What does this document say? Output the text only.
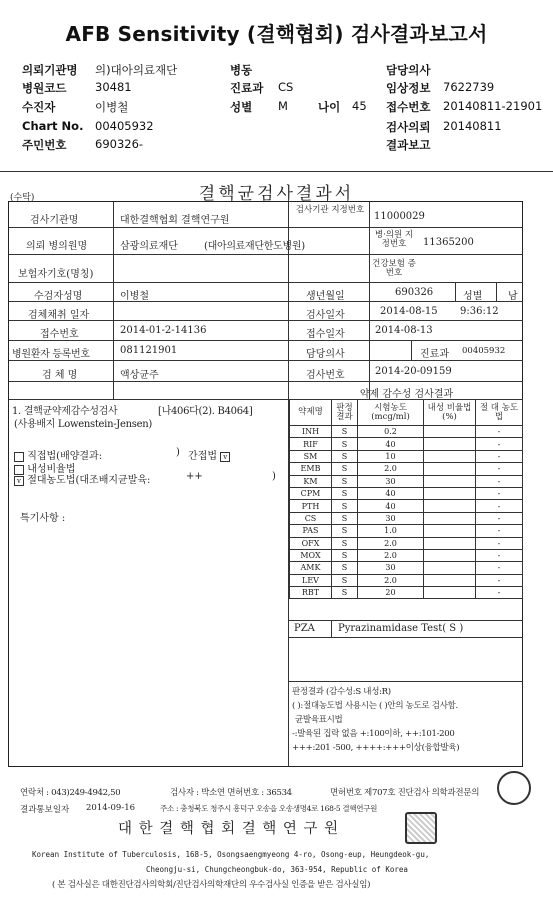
AFB Sensitivity (결핵협회) 검사결과보고서
의뢰기관명 의)대아의료재단
병원코드 30481
수진자	이병철
Chart No. 00405932
주민번호 690326-
병동
진료과 CS
성별 M	나이 45
담당의사
임상정보 7622739
접수번호 20140811-21901
검사의뢰 20140811
결과보고
(수탁)	결핵균검사결과서
검사기관명	대한결핵협회 결핵연구원
검사기관 지정번호
11000029
의뢰 병의원명	삼광의료재단	(대아의료재단한도병원)
병·의원 지정번호	11365200
보험자기호(명칭)
건강보험 증번호
수검자성명	이병철	생년월일	690326	성별	남
검체채취 일자	검사일자	2014-08-15 9:36:12
접수번호	2014-01-2-14136	접수일자	2014-08-13
병원환자 등록번호	081121901	담당의사	진료과 00405932
검 체 명	액상균주	검사번호	2014-20-09159
1. 결핵균약제감수성검사	[나406다(2). B4064]
(사용배지 Lowenstein-Jensen)
직접법(배양결과:	) 간접법 v
내성비율법
v 절대농도법(대조배지균발육:	++	)
특기사항 :
약제 감수성 검사결과
약제명	판정 결과	시험농도 (mcg/ml)	내성 비율법(%)	절 대 농도법
INH	S	0.2		-
RIF	S	40		-
SM	S	10		-
EMB	S	2.0		-
KM	S	30		-
CPM	S	40		-
PTH	S	40		-
CS	S	30		-
PAS	S	1.0		-
OFX	S	2.0		-
MOX	S	2.0		-
AMK	S	30		-
LEV	S	2.0		-
RBT	S	20		-
PZA Pyrazinamidase Test( S )
판정결과 (감수성:S 내성:R)
( ):절대농도법 사용시는 ( )안의 농도로 검사함.
균발육표시법
-:발육된 집락 없음 +:100이하, ++:101-200
+++:201 -500, ++++:+++이상(융합발육)
연락처 : 043)249-4942,50	검사자 : 박소연 면허번호 : 36534	면허번호 제707호 진단검사 의학과전문의
결과통보일자 2014-09-16	주소 : 충청북도 청주시 흥덕구 오송읍 오송생명4로 168-5 결핵연구원
대 한 결 핵 협 회 결 핵 연 구 원
Korean Institute of Tuberculosis, 168-5, Osongsaengmyeong 4-ro, Osong-eup, Heungdeok-gu,
Cheongju-si, Chungcheongbuk-do, 363-954, Republic of Korea
( 본 검사실은 대한진단검사의학회/진단검사의학재단의 우수검사실 인증을 받은 검사실임)
